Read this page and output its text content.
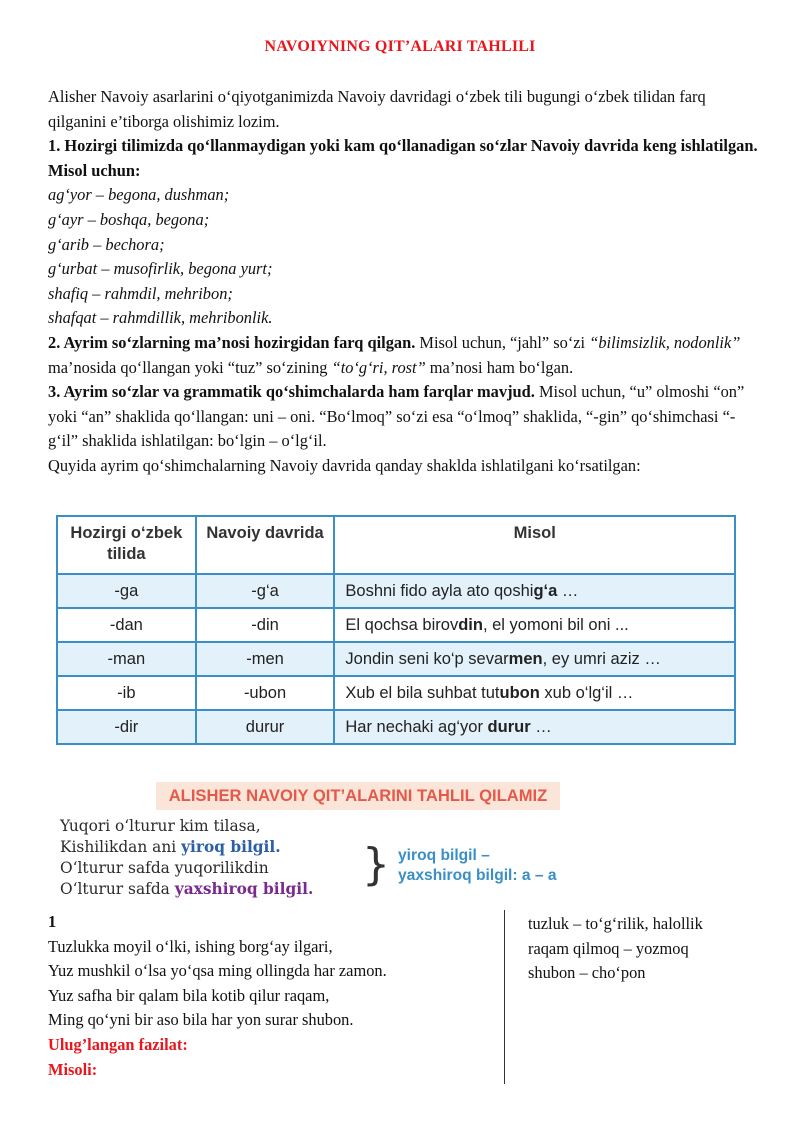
NAVOIYNING QIT’ALARI TAHLILI

Alisher Navoiy asarlarini o‘qiyotganimizda Navoiy davridagi o‘zbek tili bugungi o‘zbek tilidan farq qilganini e’tiborga olishimiz lozim.

1. Hozirgi tilimizda qo‘llanmaydigan yoki kam qo‘llanadigan so‘zlar Navoiy davrida keng ishlatilgan. Misol uchun:

ag‘yor – begona, dushman;

g‘ayr – boshqa, begona;

g‘arib – bechora;

g‘urbat – musofirlik, begona yurt;

shafiq – rahmdil, mehribon;

shafqat – rahmdillik, mehribonlik.

2. Ayrim so‘zlarning ma’nosi hozirgidan farq qilgan. Misol uchun, “jahl” so‘zi “bilimsizlik, nodonlik” ma’nosida qo‘llangan yoki “tuz” so‘zining “to‘g‘ri, rost” ma’nosi ham bo‘lgan.

3. Ayrim so‘zlar va grammatik qo‘shimchalarda ham farqlar mavjud. Misol uchun, “u” olmoshi “on” yoki “an” shaklida qo‘llangan: uni – oni. “Bo‘lmoq” so‘zi esa “o‘lmoq” shaklida, “-gin” qo‘shimchasi “-g‘il” shaklida ishlatilgan: bo‘lgin – o‘lg‘il.

Quyida ayrim qo‘shimchalarning Navoiy davrida qanday shaklda ishlatilgani ko‘rsatilgan:

Hozirgi o‘zbek tilida	Navoiy davrida	Misol
-ga	-g‘a	Boshni fido ayla ato qoshig‘a …
-dan	-din	El qochsa birovdin, el yomoni bil oni ...
-man	-men	Jondin seni ko‘p sevarmen, ey umri aziz …
-ib	-ubon	Xub el bila suhbat tutubon xub o‘lg‘il …
-dir	durur	Har nechaki ag‘yor durur …
ALISHER NAVOIY QIT’ALARINI TAHLIL QILAMIZ
Yuqori o‘lturur kim tilasa,
Kishilikdan ani yiroq bilgil.
O‘lturur safda yuqorilikdin
O‘lturur safda yaxshiroq bilgil.	} yiroq bilgil –
yaxshiroq bilgil: a – a

1

Tuzlukka moyil o‘lki, ishing borg‘ay ilgari,

Yuz mushkil o‘lsa yo‘qsa ming ollingda har zamon.

Yuz safha bir qalam bila kotib qilur raqam,

Ming qo‘yni bir aso bila har yon surar shubon.

Ulug’langan fazilat:

Misoli:

tuzluk – to‘g‘rilik, halollik

raqam qilmoq – yozmoq

shubon – cho‘pon
